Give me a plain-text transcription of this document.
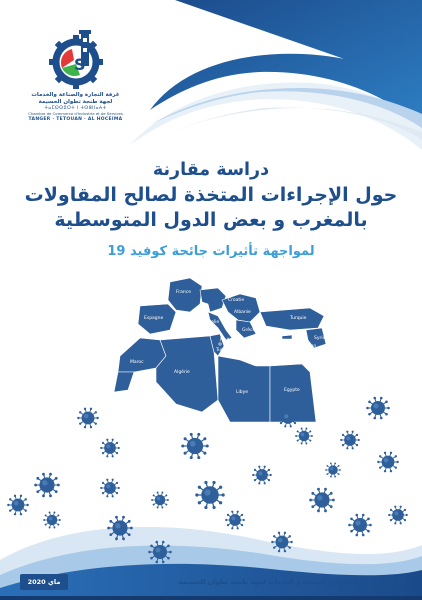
S
غرفة التجارة والصناعة والخدمات لجهة طنجة تطوان الحسيمة
ⵜⴰⵎⵙⵙⵓⵔⵜ ⵏ ⵜⵙⴻⵏⵏⴰⵄⵜ
Chambre de Commerce d'Industrie et de Services
TANGER · TETOUAN · AL HOCEIMA
دراسة مقارنة
حول الإجراءات المتخذة لصالح المقاولات
بالمغرب و بعض الدول المتوسطية
لمواجهة تأثيرات جائحة كوفيد 19
France
Espagne
Italie
Maroc
Algérie
Tunisie
Libye	Egypte
Turquie
Grèce
Syrie
Liban
Chypre
Malte
Croatie
Albanie
ماي 2020	إصدارات غرفة التجارة و الصناعة و الخدمات لجهة طنجة تطوان الحسيمة
